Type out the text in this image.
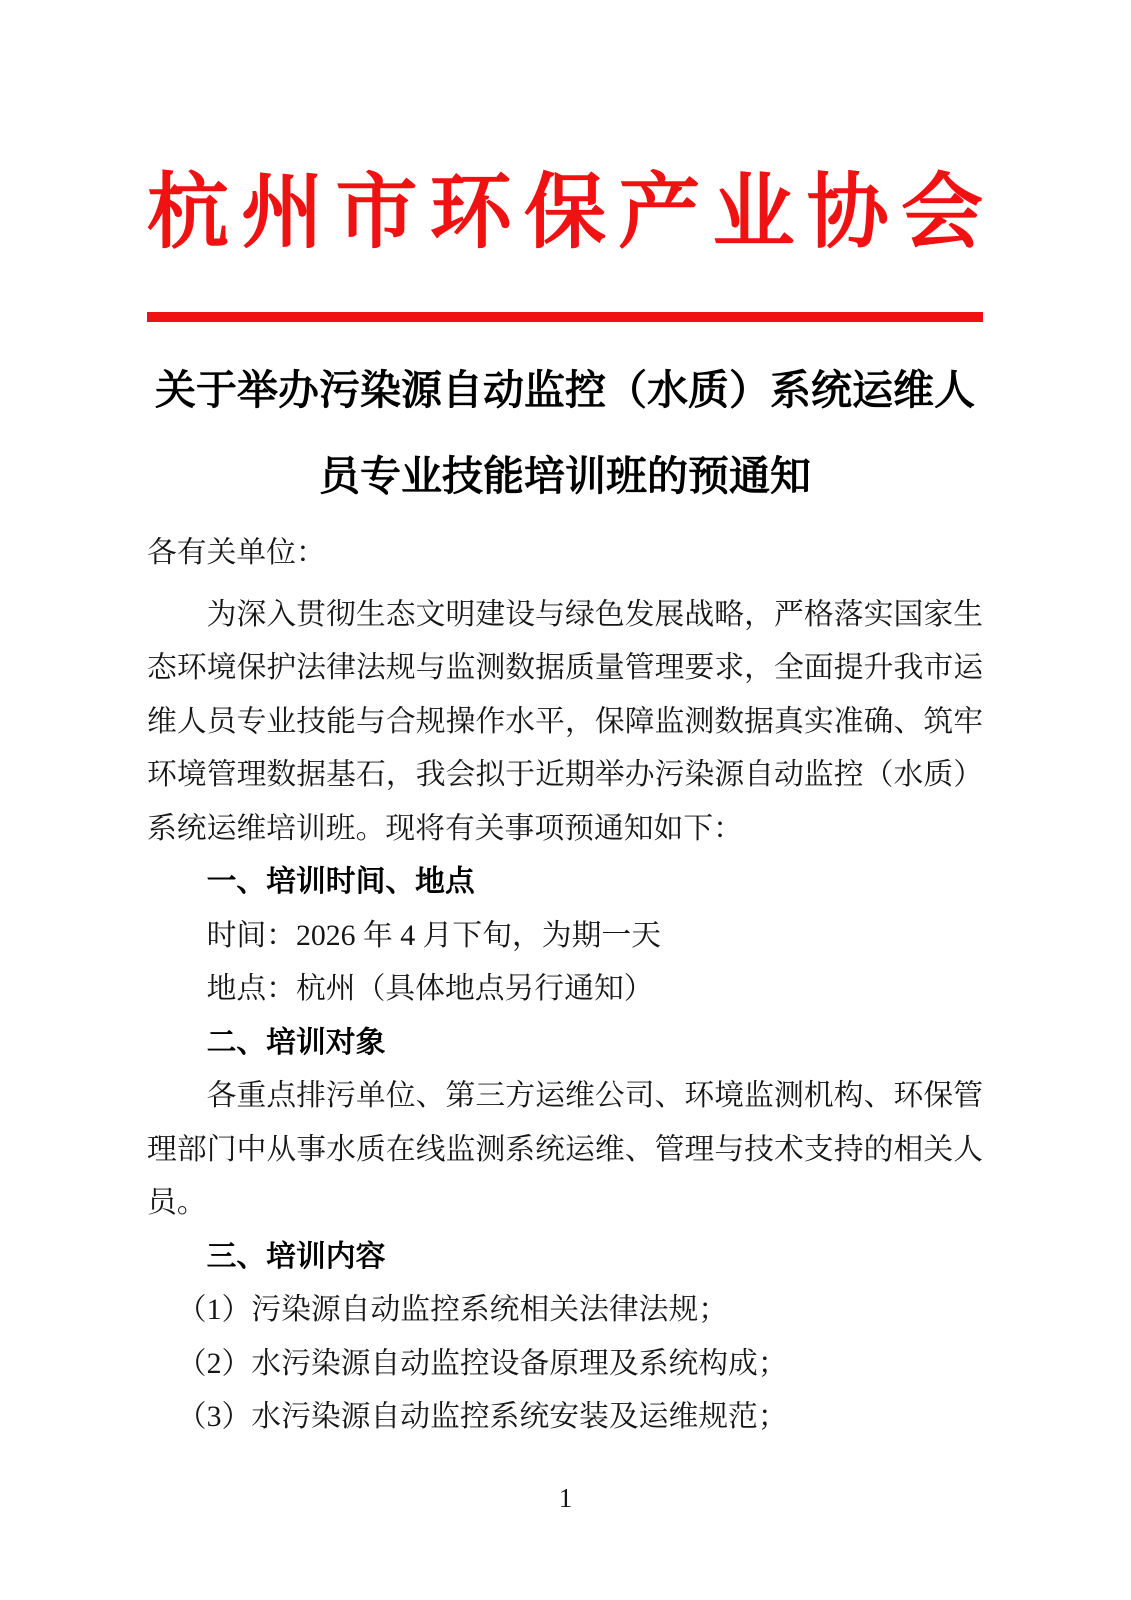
杭州市环保产业协会
关于举办污染源自动监控（水质）系统运维人
员专业技能培训班的预通知
各有关单位：
为深入贯彻生态文明建设与绿色发展战略，严格落实国家生
态环境保护法律法规与监测数据质量管理要求，全面提升我市运
维人员专业技能与合规操作水平，保障监测数据真实准确、筑牢
环境管理数据基石，我会拟于近期举办污染源自动监控（水质）
系统运维培训班。现将有关事项预通知如下：
一、培训时间、地点
时间：2026 年 4 月下旬，为期一天
地点：杭州（具体地点另行通知）
二、培训对象
各重点排污单位、第三方运维公司、环境监测机构、环保管
理部门中从事水质在线监测系统运维、管理与技术支持的相关人
员。
三、培训内容
（1）污染源自动监控系统相关法律法规；
（2）水污染源自动监控设备原理及系统构成；
（3）水污染源自动监控系统安装及运维规范；
1
